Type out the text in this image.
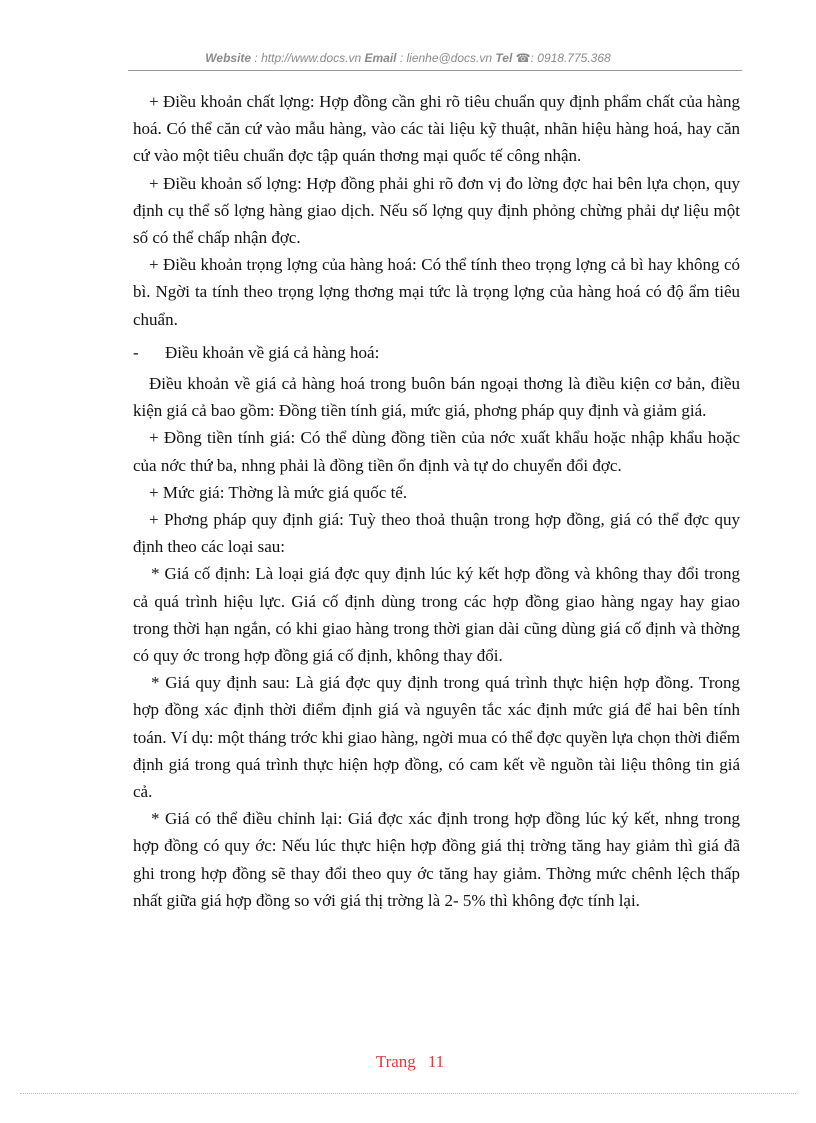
Website : http://www.docs.vn Email : lienhe@docs.vn Tel ☎: 0918.775.368

+ Điều khoản chất lợng: Hợp đồng cần ghi rõ tiêu chuẩn quy định phẩm chất của hàng hoá. Có thể căn cứ vào mẫu hàng, vào các tài liệu kỹ thuật, nhãn hiệu hàng hoá, hay căn cứ vào một tiêu chuẩn đợc tập quán thơng mại quốc tế công nhận.

+ Điều khoản số lợng: Hợp đồng phải ghi rõ đơn vị đo lờng đợc hai bên lựa chọn, quy định cụ thể số lợng hàng giao dịch. Nếu số lợng quy định phỏng chừng phải dự liệu một số có thể chấp nhận đợc.

+ Điều khoản trọng lợng của hàng hoá: Có thể tính theo trọng lợng cả bì hay không có bì. Ngời ta tính theo trọng lợng thơng mại tức là trọng lợng của hàng hoá có độ ẩm tiêu chuẩn.

- Điều khoản về giá cả hàng hoá:

Điều khoản về giá cả hàng hoá trong buôn bán ngoại thơng là điều kiện cơ bản, điều kiện giá cả bao gồm: Đồng tiền tính giá, mức giá, phơng pháp quy định và giảm giá.

+ Đồng tiền tính giá: Có thể dùng đồng tiền của nớc xuất khẩu hoặc nhập khẩu hoặc của nớc thứ ba, nhng phải là đồng tiền ổn định và tự do chuyển đổi đợc.

+ Mức giá: Thờng là mức giá quốc tế.

+ Phơng pháp quy định giá: Tuỳ theo thoả thuận trong hợp đồng, giá có thể đợc quy định theo các loại sau:

* Giá cố định: Là loại giá đợc quy định lúc ký kết hợp đồng và không thay đổi trong cả quá trình hiệu lực. Giá cố định dùng trong các hợp đồng giao hàng ngay hay giao trong thời hạn ngắn, có khi giao hàng trong thời gian dài cũng dùng giá cố định và thờng có quy ớc trong hợp đồng giá cố định, không thay đổi.

* Giá quy định sau: Là giá đợc quy định trong quá trình thực hiện hợp đồng. Trong hợp đồng xác định thời điểm định giá và nguyên tắc xác định mức giá để hai bên tính toán. Ví dụ: một tháng trớc khi giao hàng, ngời mua có thể đợc quyền lựa chọn thời điểm định giá trong quá trình thực hiện hợp đồng, có cam kết về nguồn tài liệu thông tin giá cả.

* Giá có thể điều chỉnh lại: Giá đợc xác định trong hợp đồng lúc ký kết, nhng trong hợp đồng có quy ớc: Nếu lúc thực hiện hợp đồng giá thị trờng tăng hay giảm thì giá đã ghi trong hợp đồng sẽ thay đổi theo quy ớc tăng hay giảm. Thờng mức chênh lệch thấp nhất giữa giá hợp đồng so với giá thị trờng là 2- 5% thì không đợc tính lại.

Trang 11
